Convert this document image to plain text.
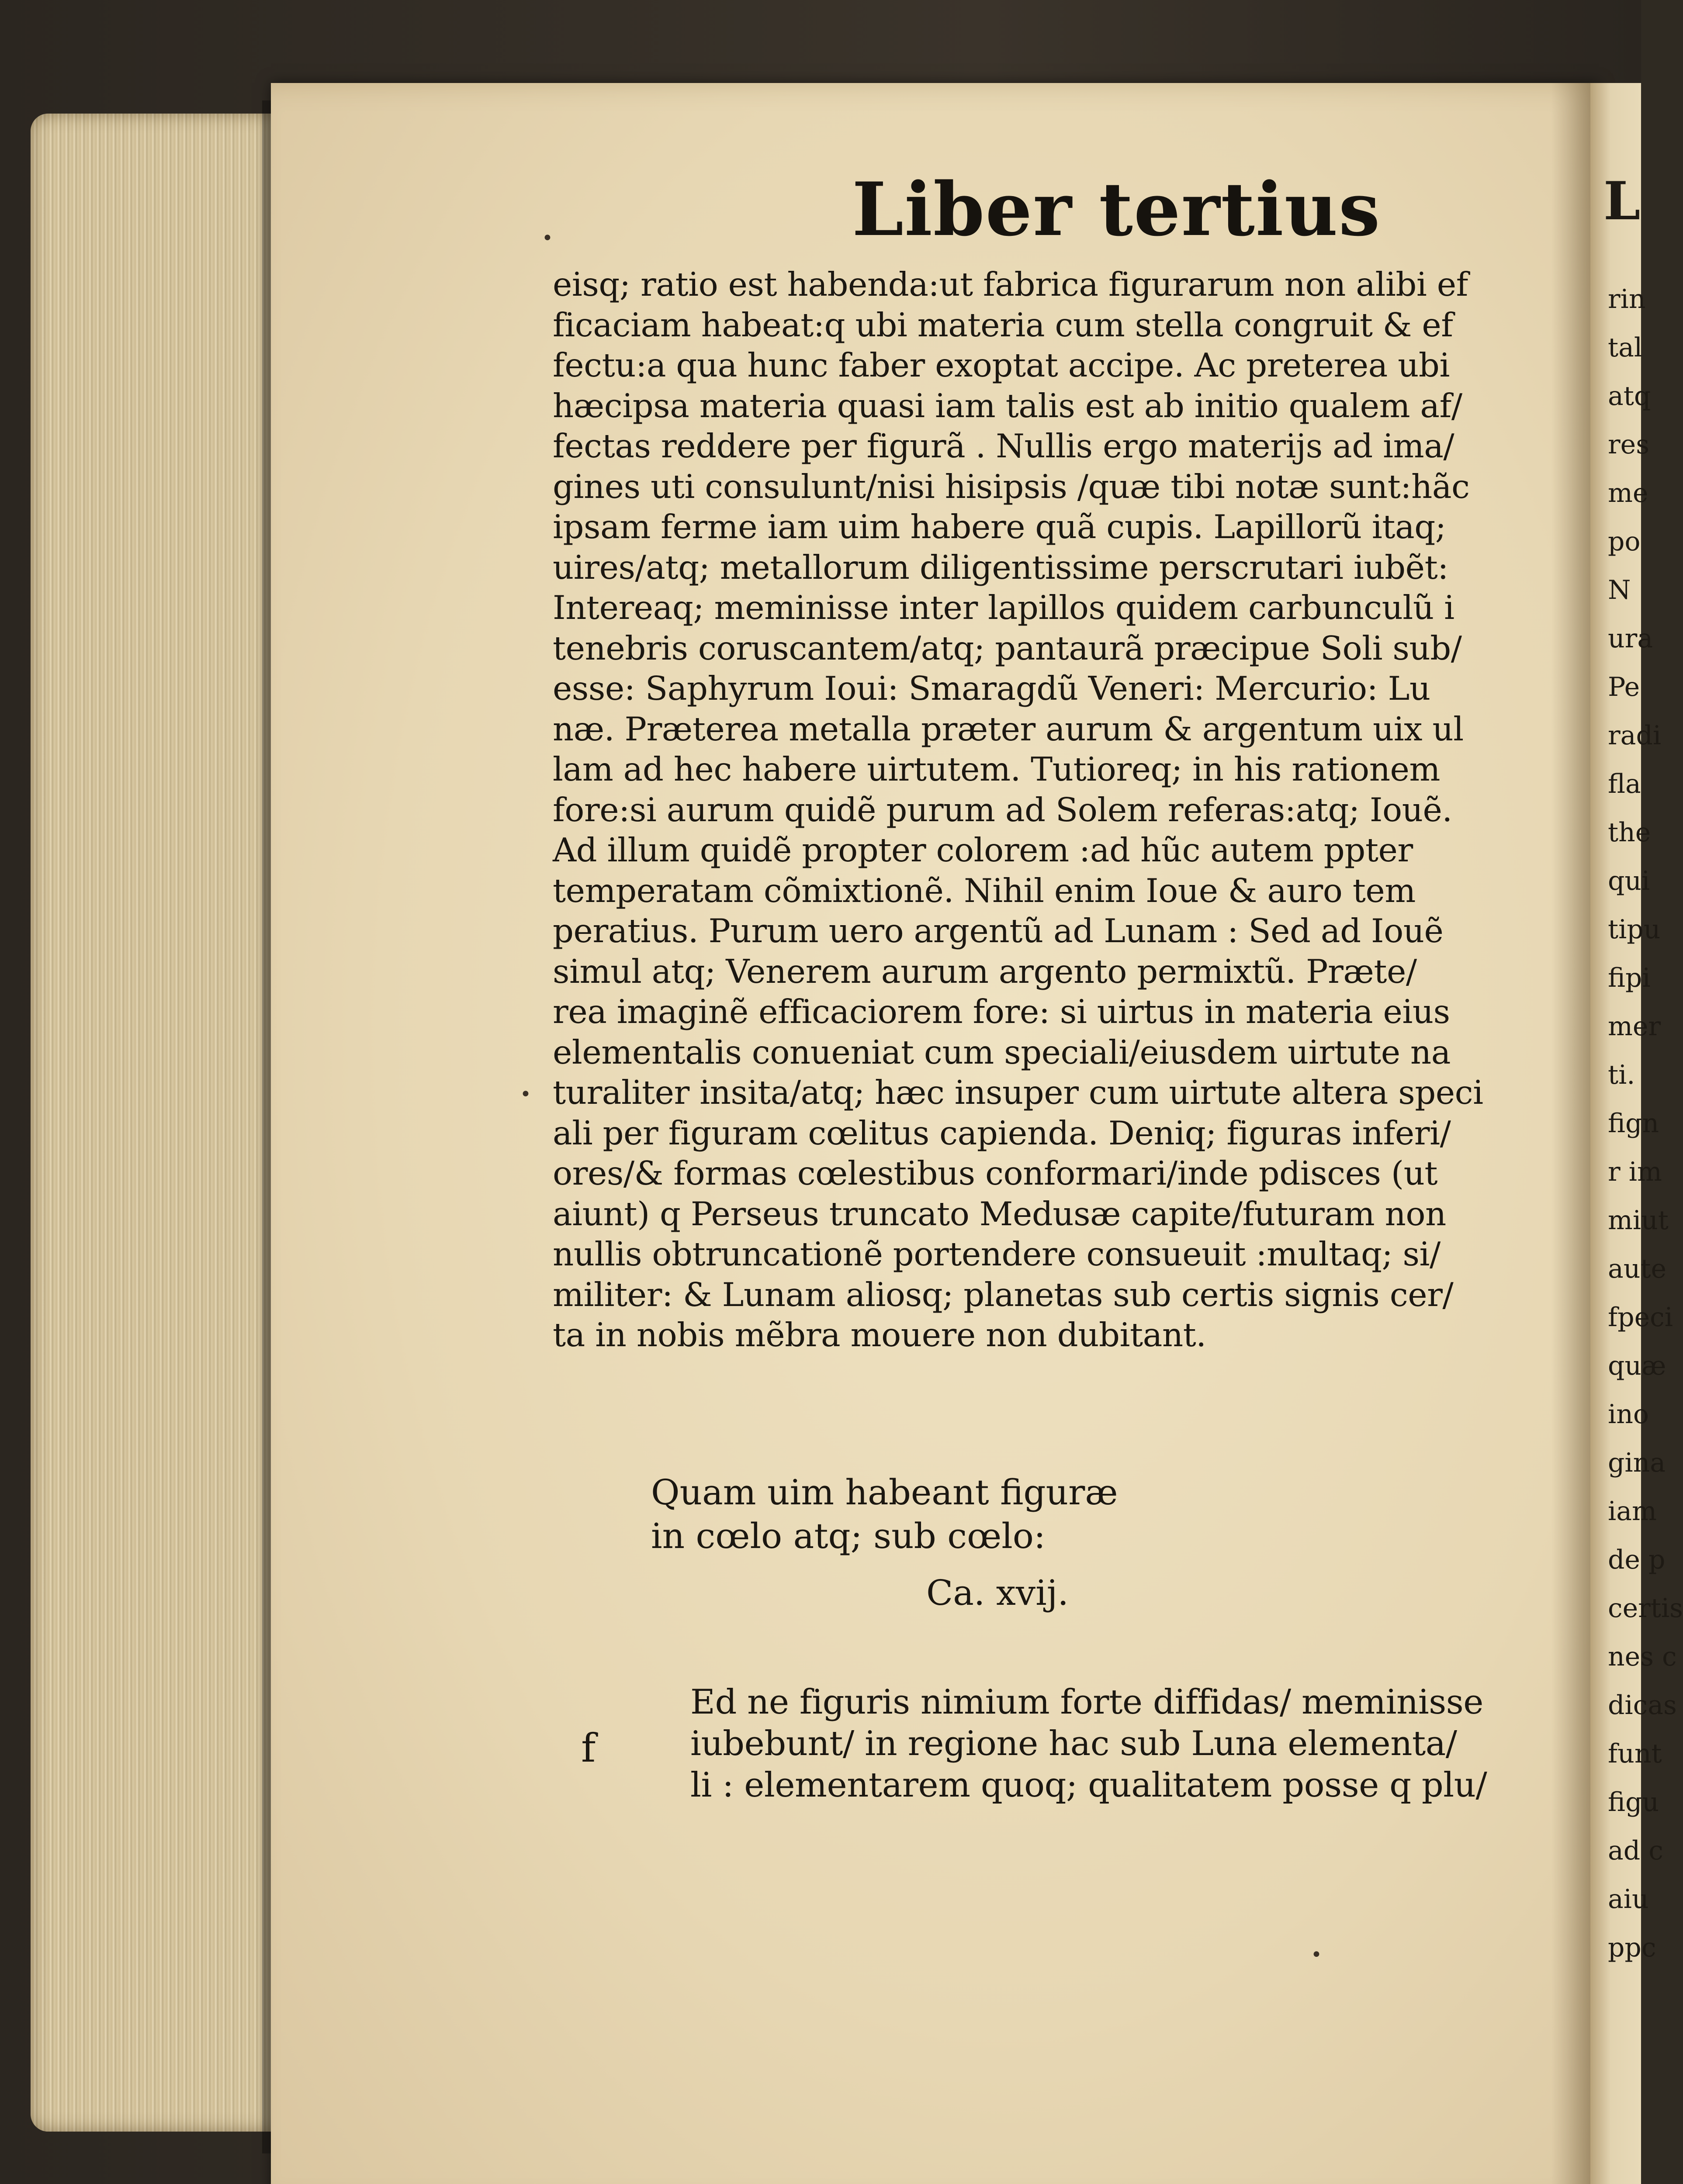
L
rin
tal
atq
res
me
po
N
ura
Pe
radi
fla
the
qui
tipu
fipi
mer
ti.
fign
r im
miut
aute
fpeci
quæ
ino
gina
iam
de p
certis
nes c
dicas
funt
figu
ad c
aiu
ppc
Liber tertius
eisq; ratio est habenda:ut fabrica figurarum non alibi ef
ficaciam habeat:q ubi materia cum stella congruit & ef
fectu:a qua hunc faber exoptat accipe. Ac preterea ubi
hæcipsa materia quasi iam talis est ab initio qualem af/
fectas reddere per figurã . Nullis ergo materijs ad ima/
gines uti consulunt/nisi hisipsis /quæ tibi notæ sunt:hãc
ipsam ferme iam uim habere quã cupis. Lapillorũ itaq;
uires/atq; metallorum diligentissime perscrutari iubẽt:
Intereaq; meminisse inter lapillos quidem carbunculũ i
tenebris coruscantem/atq; pantaurã præcipue Soli sub/
esse: Saphyrum Ioui: Smaragdũ Veneri: Mercurio: Lu
næ. Præterea metalla præter aurum & argentum uix ul
lam ad hec habere uirtutem. Tutioreq; in his rationem
fore:si aurum quidẽ purum ad Solem referas:atq; Iouẽ.
Ad illum quidẽ propter colorem :ad hũc autem ppter
temperatam cõmixtionẽ. Nihil enim Ioue & auro tem
peratius. Purum uero argentũ ad Lunam : Sed ad Iouẽ
simul atq; Venerem aurum argento permixtũ. Præte/
rea imaginẽ efficaciorem fore: si uirtus in materia eius
elementalis conueniat cum speciali/eiusdem uirtute na
turaliter insita/atq; hæc insuper cum uirtute altera speci
ali per figuram cœlitus capienda. Deniq; figuras inferi/
ores/& formas cœlestibus conformari/inde pdisces (ut
aiunt) q Perseus truncato Medusæ capite/futuram non
nullis obtruncationẽ portendere consueuit :multaq; si/
militer: & Lunam aliosq; planetas sub certis signis cer/
ta in nobis mẽbra mouere non dubitant.
Quam uim habeant figuræ
in cœlo atq; sub cœlo:
Ca. xvij.
f
Ed ne figuris nimium forte diffidas/ meminisse
iubebunt/ in regione hac sub Luna elementa/
li : elementarem quoq; qualitatem posse q plu/
•
•
•
